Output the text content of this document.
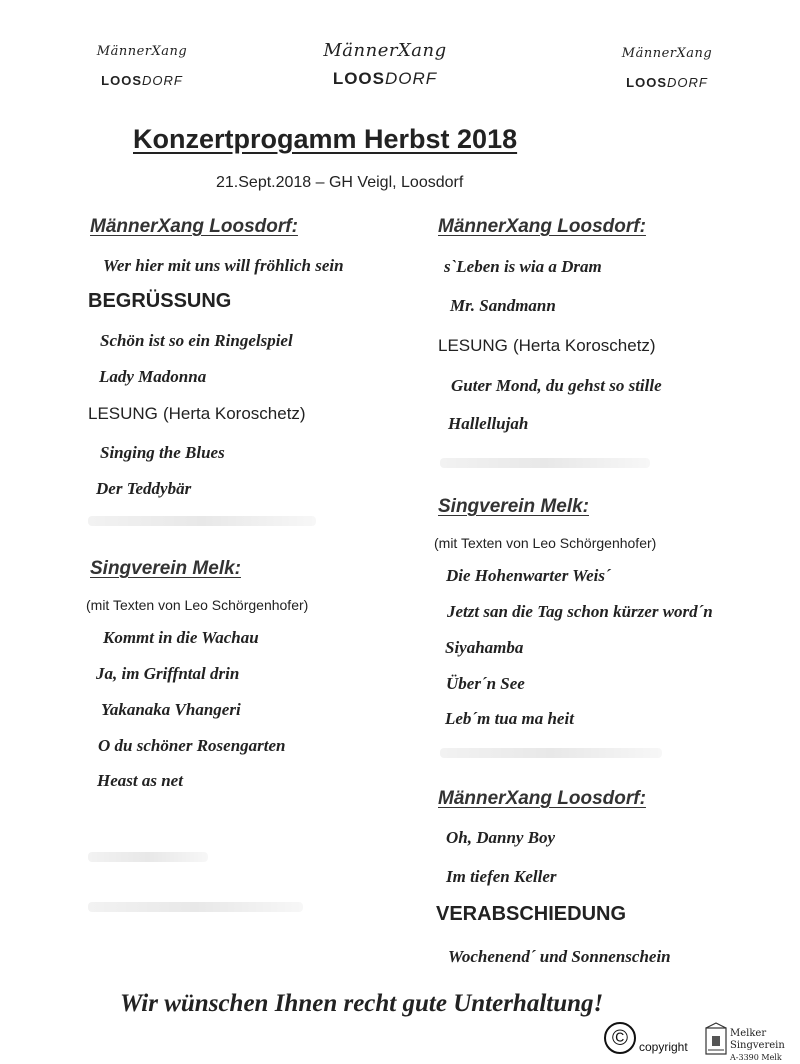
MännerXang
LOOSDORF
MännerXang
LOOSDORF
MännerXang
LOOSDORF
Konzertprogamm Herbst 2018
21.Sept.2018 – GH Veigl, Loosdorf
MännerXang Loosdorf:
Wer hier mit uns will fröhlich sein
BEGRÜSSUNG
Schön ist so ein Ringelspiel
Lady Madonna
LESUNG (Herta Koroschetz)
Singing the Blues
Der Teddybär
Singverein Melk:
(mit Texten von Leo Schörgenhofer)
Kommt in die Wachau
Ja, im Griffntal drin
Yakanaka Vhangeri
O du schöner Rosengarten
Heast as net
MännerXang Loosdorf:
s`Leben is wia a Dram
Mr. Sandmann
LESUNG (Herta Koroschetz)
Guter Mond, du gehst so stille
Hallellujah
Singverein Melk:
(mit Texten von Leo Schörgenhofer)
Die Hohenwarter Weis´
Jetzt san die Tag schon kürzer word´n
Siyahamba
Über´n See
Leb´m tua ma heit
MännerXang Loosdorf:
Oh, Danny Boy
Im tiefen Keller
VERABSCHIEDUNG
Wochenend´ und Sonnenschein
Wir wünschen Ihnen recht gute Unterhaltung!
© copyright
Melker Singverein
A-3390 Melk
